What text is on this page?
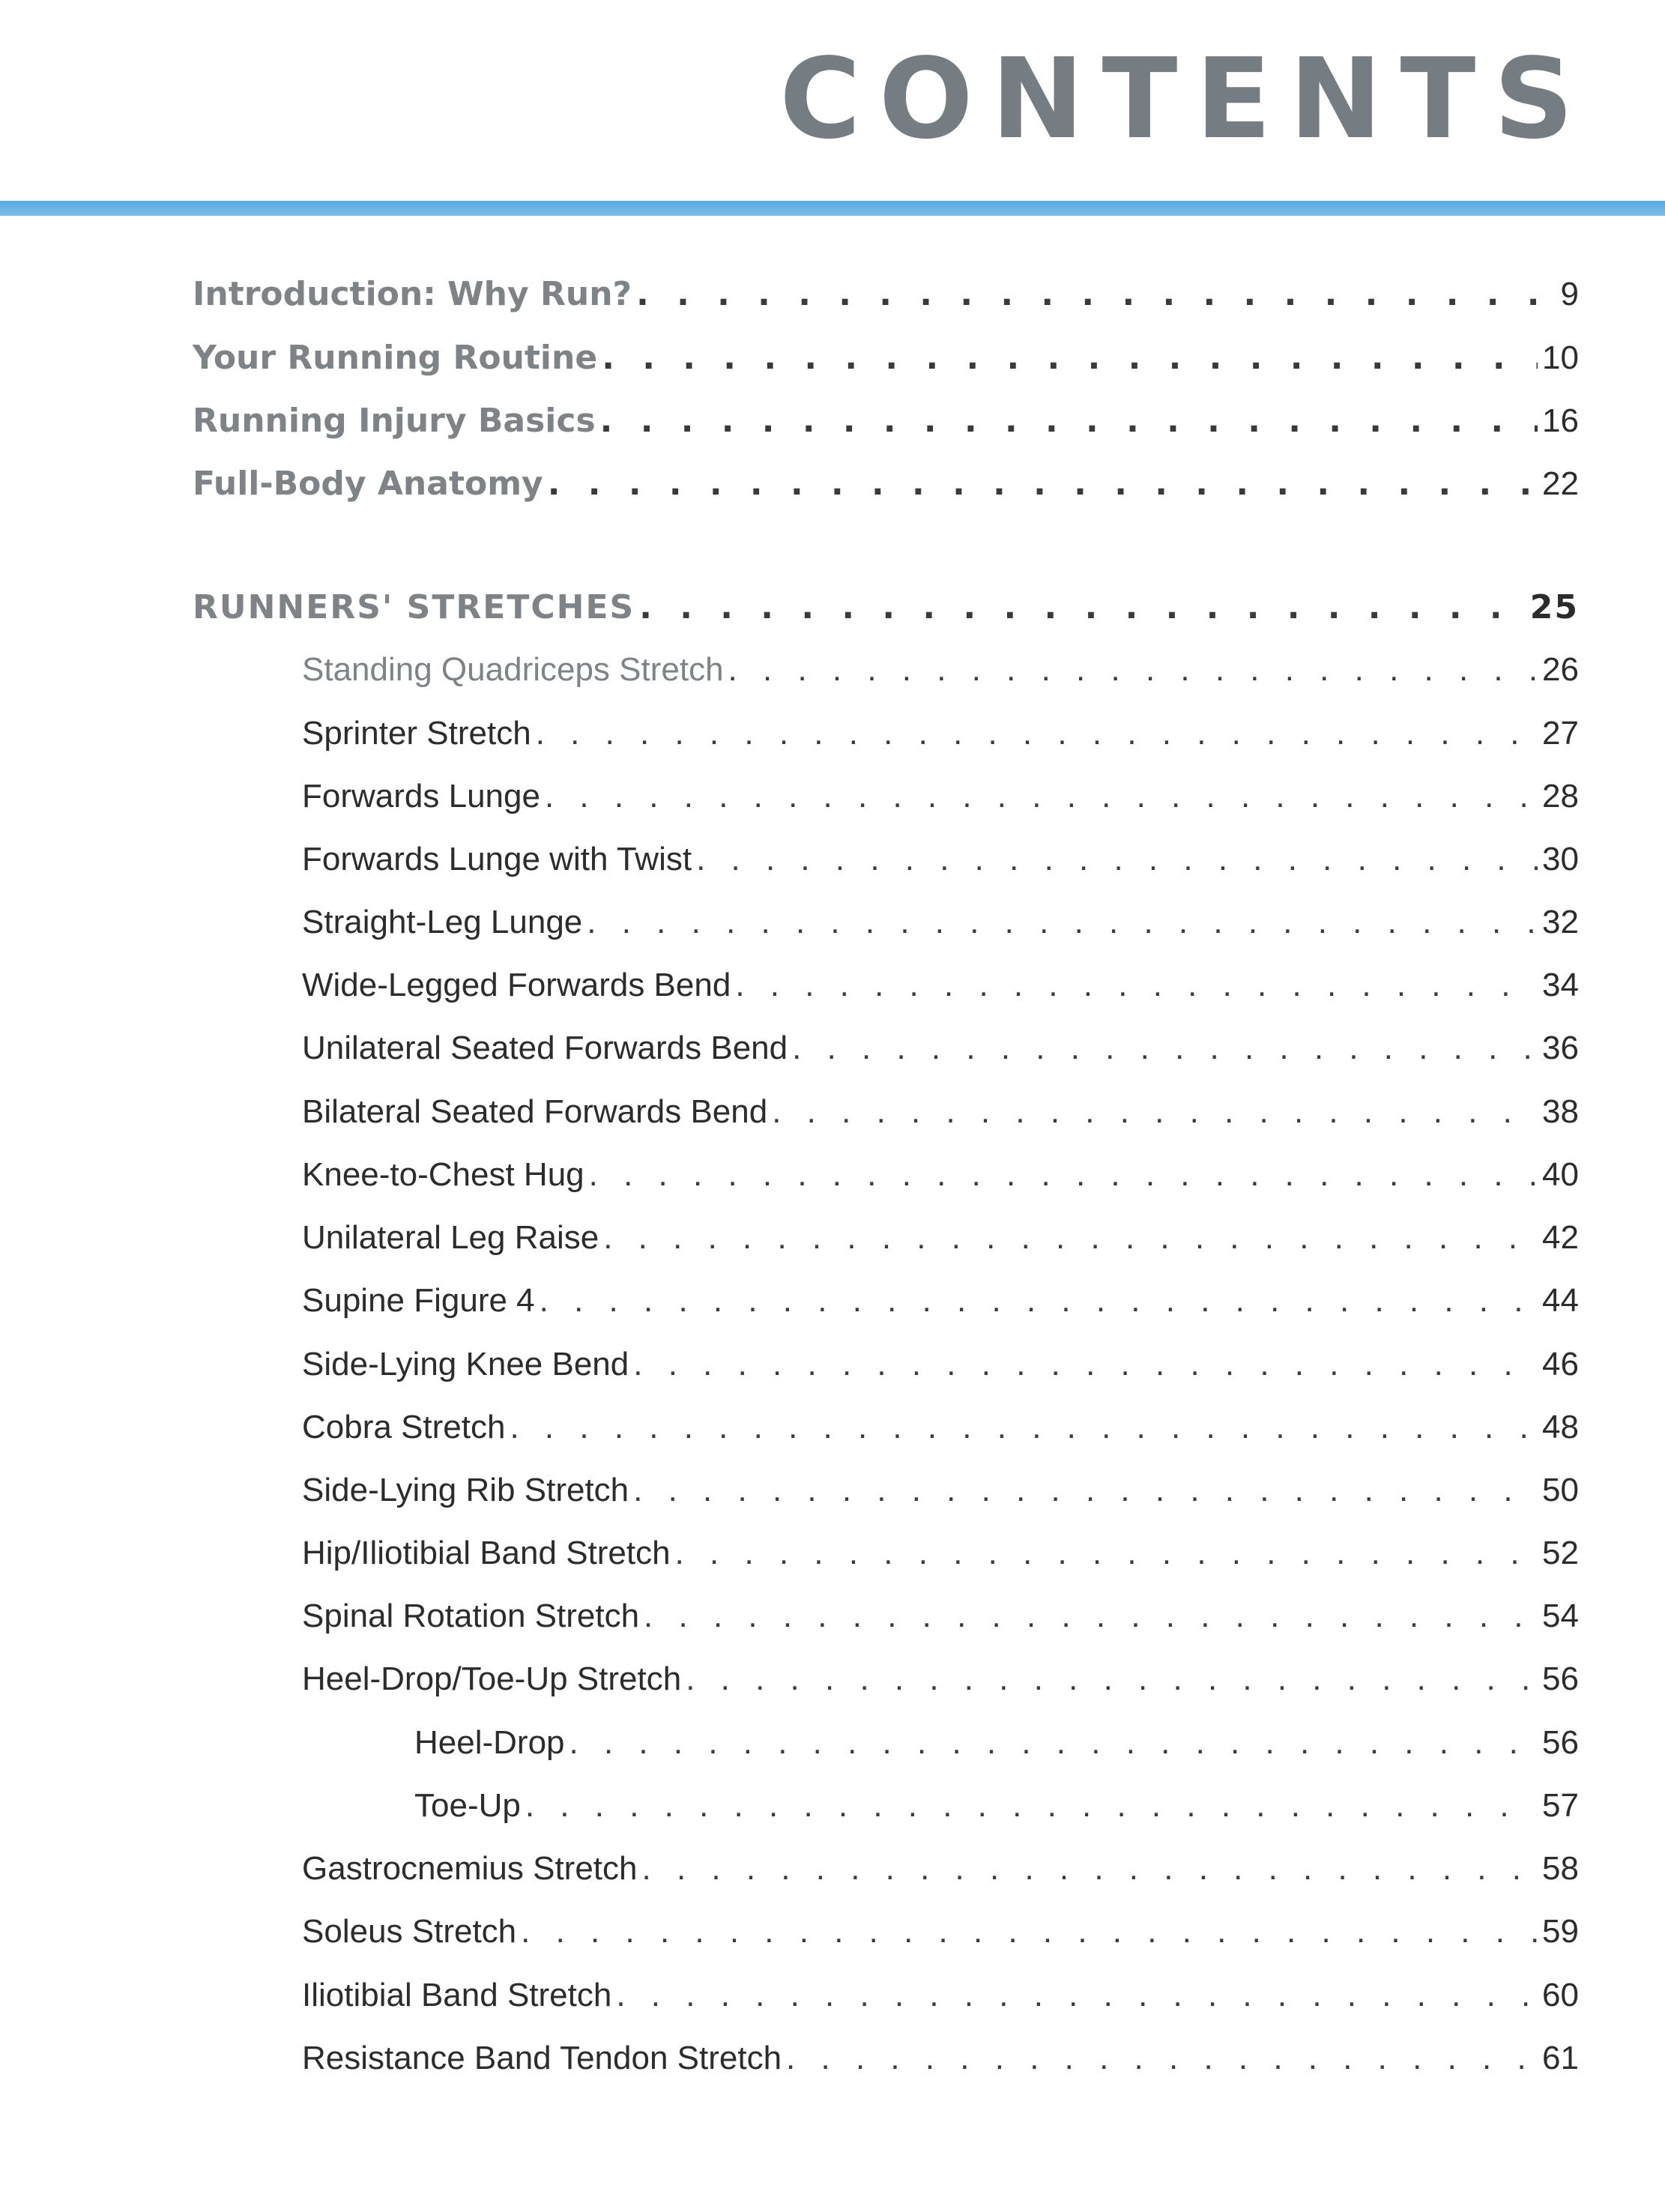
CONTENTS
Introduction: Why Run? . . .	9
Your Running Routine . . .	10
Running Injury Basics . . .	16
Full-Body Anatomy . . .	22
RUNNERS' STRETCHES . . .	25
Standing Quadriceps Stretch . . .	26
Sprinter Stretch . . .	27
Forwards Lunge . . .	28
Forwards Lunge with Twist . . .	30
Straight-Leg Lunge . . .	32
Wide-Legged Forwards Bend . . .	34
Unilateral Seated Forwards Bend . . .	36
Bilateral Seated Forwards Bend . . .	38
Knee-to-Chest Hug . . .	40
Unilateral Leg Raise . . .	42
Supine Figure 4 . . .	44
Side-Lying Knee Bend . . .	46
Cobra Stretch . . .	48
Side-Lying Rib Stretch . . .	50
Hip/Iliotibial Band Stretch . . .	52
Spinal Rotation Stretch . . .	54
Heel-Drop/Toe-Up Stretch . . .	56
Heel-Drop . . .	56
Toe-Up . . .	57
Gastrocnemius Stretch . . .	58
Soleus Stretch . . .	59
Iliotibial Band Stretch . . .	60
Resistance Band Tendon Stretch . . .	61
